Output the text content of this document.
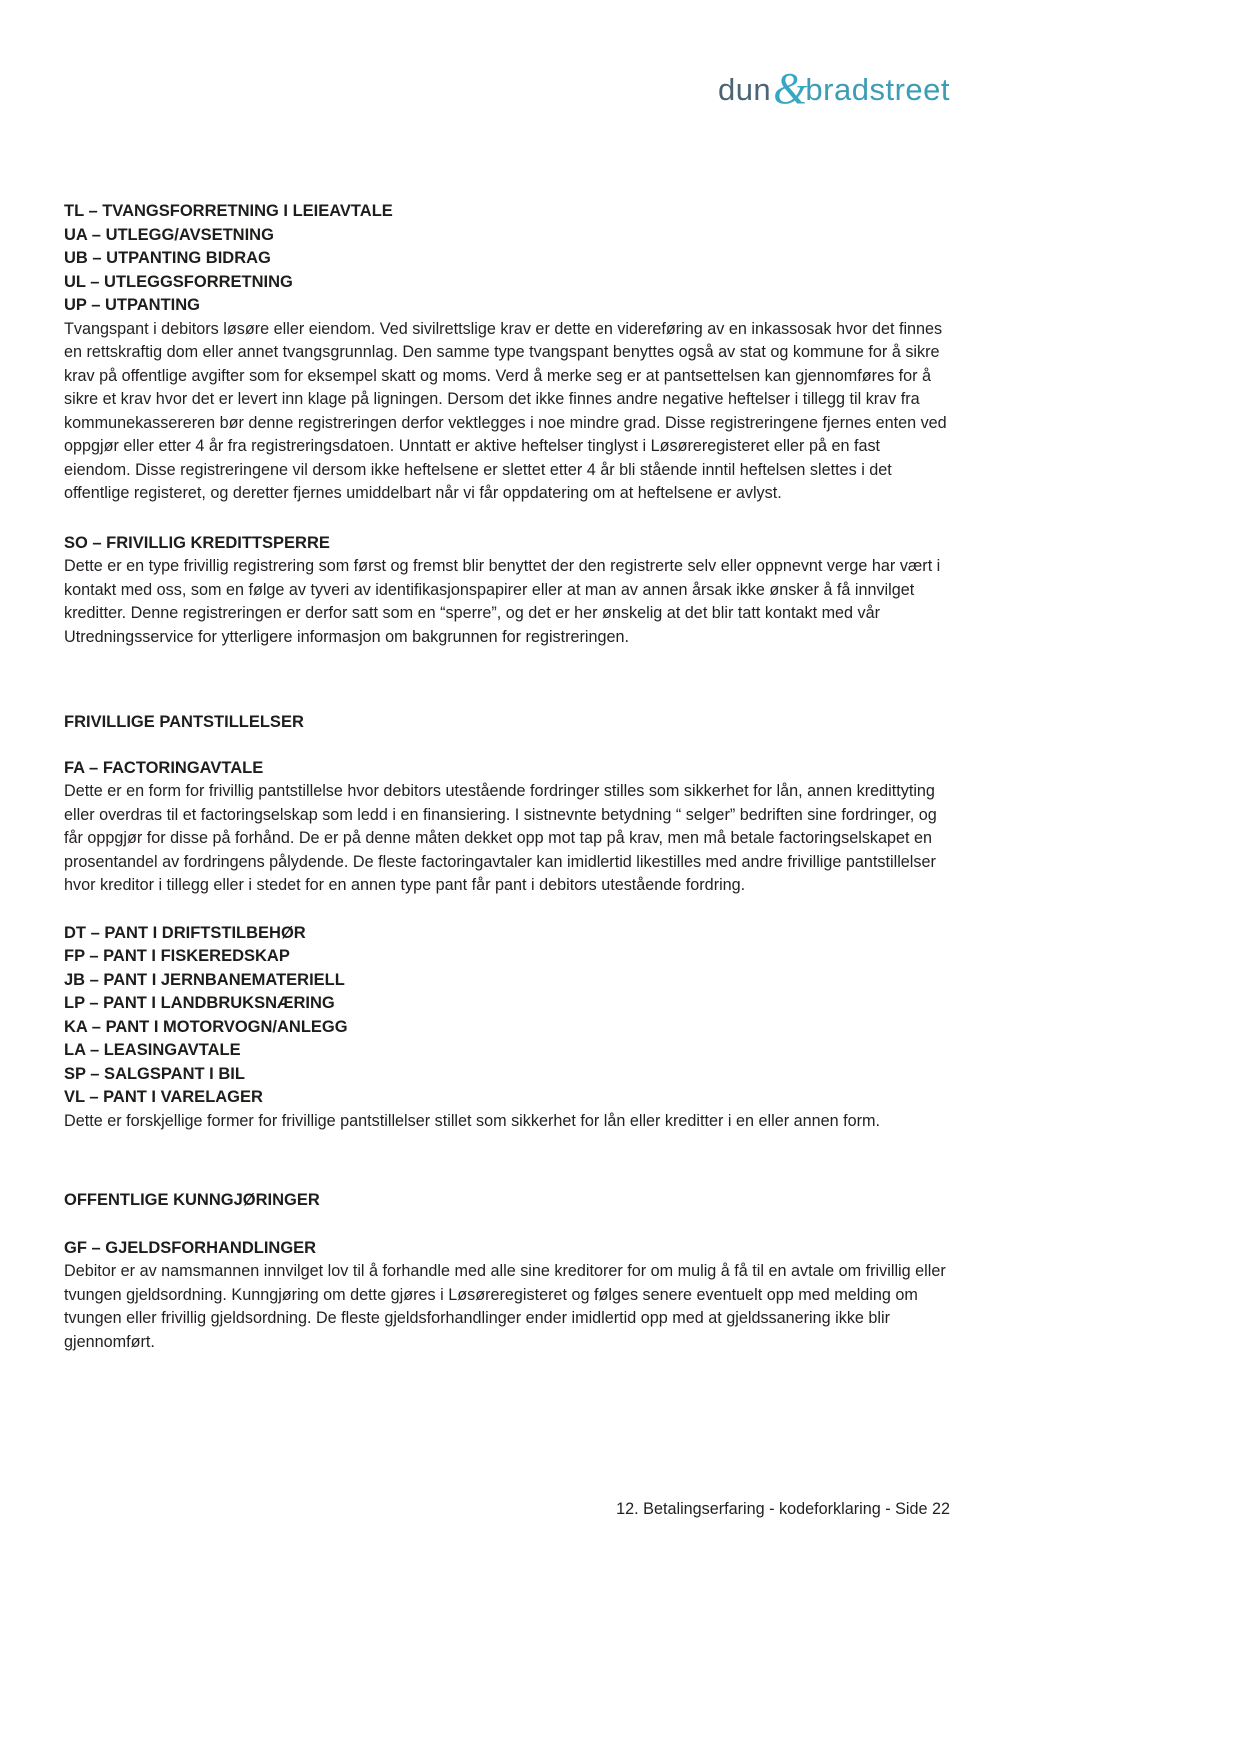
dun &
bradstreet
TL – TVANGSFORRETNING I LEIEAVTALE
UA – UTLEGG/AVSETNING
UB – UTPANTING BIDRAG
UL – UTLEGGSFORRETNING
UP – UTPANTING

Tvangspant i debitors løsøre eller eiendom. Ved sivilrettslige krav er dette en videreføring av en inkassosak hvor det finnes en rettskraftig dom eller annet tvangsgrunnlag. Den samme type tvangspant benyttes også av stat og kommune for å sikre krav på offentlige avgifter som for eksempel skatt og moms. Verd å merke seg er at pantsettelsen kan gjennomføres for å sikre et krav hvor det er levert inn klage på ligningen. Dersom det ikke finnes andre negative heftelser i tillegg til krav fra kommunekassereren bør denne registreringen derfor vektlegges i noe mindre grad. Disse registreringene fjernes enten ved oppgjør eller etter 4 år fra registreringsdatoen. Unntatt er aktive heftelser tinglyst i Løsøreregisteret eller på en fast eiendom. Disse registreringene vil dersom ikke heftelsene er slettet etter 4 år bli stående inntil heftelsen slettes i det offentlige registeret, og deretter fjernes umiddelbart når vi får oppdatering om at heftelsene er avlyst.

SO – FRIVILLIG KREDITTSPERRE

Dette er en type frivillig registrering som først og fremst blir benyttet der den registrerte selv eller oppnevnt verge har vært i kontakt med oss, som en følge av tyveri av identifikasjonspapirer eller at man av annen årsak ikke ønsker å få innvilget kreditter. Denne registreringen er derfor satt som en “sperre”, og det er her ønskelig at det blir tatt kontakt med vår Utredningsservice for ytterligere informasjon om bakgrunnen for registreringen.

FRIVILLIGE PANTSTILLELSER
FA – FACTORINGAVTALE

Dette er en form for frivillig pantstillelse hvor debitors utestående fordringer stilles som sikkerhet for lån, annen kredittyting eller overdras til et factoringselskap som ledd i en finansiering. I sistnevnte betydning “ selger” bedriften sine fordringer, og får oppgjør for disse på forhånd. De er på denne måten dekket opp mot tap på krav, men må betale factoringselskapet en prosentandel av fordringens pålydende. De fleste factoringavtaler kan imidlertid likestilles med andre frivillige pantstillelser hvor kreditor i tillegg eller i stedet for en annen type pant får pant i debitors utestående fordring.

DT – PANT I DRIFTSTILBEHØR
FP – PANT I FISKEREDSKAP
JB – PANT I JERNBANEMATERIELL
LP – PANT I LANDBRUKSNÆRING
KA – PANT I MOTORVOGN/ANLEGG
LA – LEASINGAVTALE
SP – SALGSPANT I BIL
VL – PANT I VARELAGER

Dette er forskjellige former for frivillige pantstillelser stillet som sikkerhet for lån eller kreditter i en eller annen form.

OFFENTLIGE KUNNGJØRINGER
GF – GJELDSFORHANDLINGER

Debitor er av namsmannen innvilget lov til å forhandle med alle sine kreditorer for om mulig å få til en avtale om frivillig eller tvungen gjeldsordning. Kunngjøring om dette gjøres i Løsøreregisteret og følges senere eventuelt opp med melding om tvungen eller frivillig gjeldsordning. De fleste gjeldsforhandlinger ender imidlertid opp med at gjeldssanering ikke blir gjennomført.

12. Betalingserfaring - kodeforklaring - Side 22
